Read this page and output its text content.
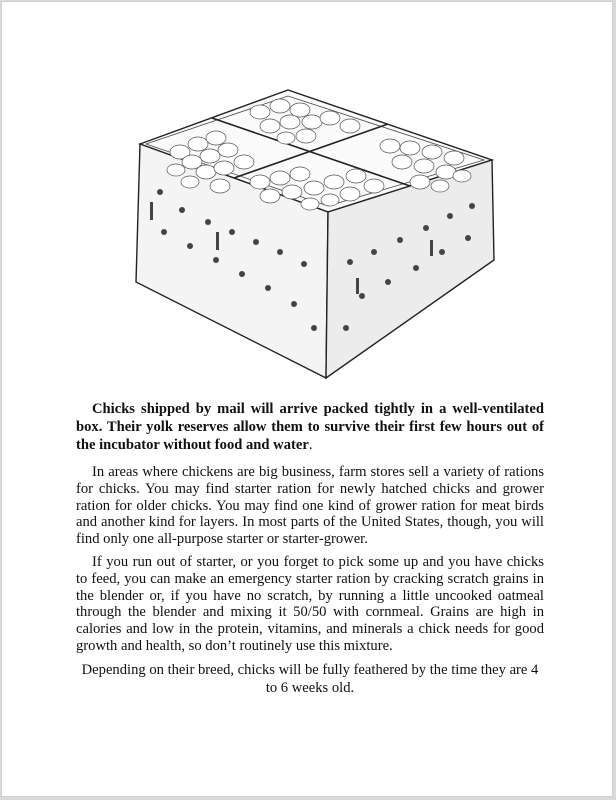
Chicks shipped by mail will arrive packed tightly in a well-ventilated box. Their yolk reserves allow them to survive their first few hours out of the incubator without food and water.

In areas where chickens are big business, farm stores sell a variety of rations for chicks. You may find starter ration for newly hatched chicks and grower ration for older chicks. You may find one kind of grower ration for meat birds and another kind for layers. In most parts of the United States, though, you will find only one all-purpose starter or starter-grower.

If you run out of starter, or you forget to pick some up and you have chicks to feed, you can make an emergency starter ration by cracking scratch grains in the blender or, if you have no scratch, by running a little uncooked oatmeal through the blender and mixing it 50/50 with cornmeal. Grains are high in calories and low in the protein, vitamins, and minerals a chick needs for good growth and health, so don’t routinely use this mixture.

Depending on their breed, chicks will be fully feathered by the time they are 4 to 6 weeks old.
